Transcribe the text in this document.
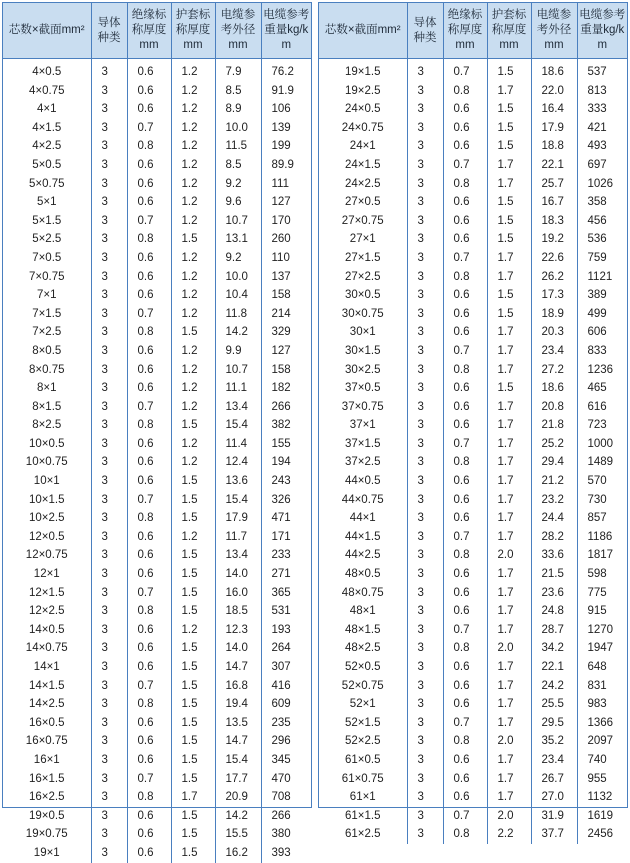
芯数×截面mm²	导体种类	绝缘标称厚度mm	护套标称厚度mm	电缆参考外径mm	电缆参考重量kg/km
4×0.5	3	0.6	1.2	7.9	76.2
4×0.75	3	0.6	1.2	8.5	91.9
4×1	3	0.6	1.2	8.9	106
4×1.5	3	0.7	1.2	10.0	139
4×2.5	3	0.8	1.2	11.5	199
5×0.5	3	0.6	1.2	8.5	89.9
5×0.75	3	0.6	1.2	9.2	111
5×1	3	0.6	1.2	9.6	127
5×1.5	3	0.7	1.2	10.7	170
5×2.5	3	0.8	1.5	13.1	260
7×0.5	3	0.6	1.2	9.2	110
7×0.75	3	0.6	1.2	10.0	137
7×1	3	0.6	1.2	10.4	158
7×1.5	3	0.7	1.2	11.8	214
7×2.5	3	0.8	1.5	14.2	329
8×0.5	3	0.6	1.2	9.9	127
8×0.75	3	0.6	1.2	10.7	158
8×1	3	0.6	1.2	11.1	182
8×1.5	3	0.7	1.2	13.4	266
8×2.5	3	0.8	1.5	15.4	382
10×0.5	3	0.6	1.2	11.4	155
10×0.75	3	0.6	1.2	12.4	194
10×1	3	0.6	1.5	13.6	243
10×1.5	3	0.7	1.5	15.4	326
10×2.5	3	0.8	1.5	17.9	471
12×0.5	3	0.6	1.2	11.7	171
12×0.75	3	0.6	1.5	13.4	233
12×1	3	0.6	1.5	14.0	271
12×1.5	3	0.7	1.5	16.0	365
12×2.5	3	0.8	1.5	18.5	531
14×0.5	3	0.6	1.2	12.3	193
14×0.75	3	0.6	1.5	14.0	264
14×1	3	0.6	1.5	14.7	307
14×1.5	3	0.7	1.5	16.8	416
14×2.5	3	0.8	1.5	19.4	609
16×0.5	3	0.6	1.5	13.5	235
16×0.75	3	0.6	1.5	14.7	296
16×1	3	0.6	1.5	15.4	345
16×1.5	3	0.7	1.5	17.7	470
16×2.5	3	0.8	1.7	20.9	708
19×0.5	3	0.6	1.5	14.2	266
19×0.75	3	0.6	1.5	15.5	380
19×1	3	0.6	1.5	16.2	393
芯数×截面mm²	导体种类	绝缘标称厚度mm	护套标称厚度mm	电缆参考外径mm	电缆参考重量kg/km
19×1.5	3	0.7	1.5	18.6	537
19×2.5	3	0.8	1.7	22.0	813
24×0.5	3	0.6	1.5	16.4	333
24×0.75	3	0.6	1.5	17.9	421
24×1	3	0.6	1.5	18.8	493
24×1.5	3	0.7	1.7	22.1	697
24×2.5	3	0.8	1.7	25.7	1026
27×0.5	3	0.6	1.5	16.7	358
27×0.75	3	0.6	1.5	18.3	456
27×1	3	0.6	1.5	19.2	536
27×1.5	3	0.7	1.7	22.6	759
27×2.5	3	0.8	1.7	26.2	1121
30×0.5	3	0.6	1.5	17.3	389
30×0.75	3	0.6	1.5	18.9	499
30×1	3	0.6	1.7	20.3	606
30×1.5	3	0.7	1.7	23.4	833
30×2.5	3	0.8	1.7	27.2	1236
37×0.5	3	0.6	1.5	18.6	465
37×0.75	3	0.6	1.7	20.8	616
37×1	3	0.6	1.7	21.8	723
37×1.5	3	0.7	1.7	25.2	1000
37×2.5	3	0.8	1.7	29.4	1489
44×0.5	3	0.6	1.7	21.2	570
44×0.75	3	0.6	1.7	23.2	730
44×1	3	0.6	1.7	24.4	857
44×1.5	3	0.7	1.7	28.2	1186
44×2.5	3	0.8	2.0	33.6	1817
48×0.5	3	0.6	1.7	21.5	598
48×0.75	3	0.6	1.7	23.6	775
48×1	3	0.6	1.7	24.8	915
48×1.5	3	0.7	1.7	28.7	1270
48×2.5	3	0.8	2.0	34.2	1947
52×0.5	3	0.6	1.7	22.1	648
52×0.75	3	0.6	1.7	24.2	831
52×1	3	0.6	1.7	25.5	983
52×1.5	3	0.7	1.7	29.5	1366
52×2.5	3	0.8	2.0	35.2	2097
61×0.5	3	0.6	1.7	23.4	740
61×0.75	3	0.6	1.7	26.7	955
61×1	3	0.6	1.7	27.0	1132
61×1.5	3	0.7	2.0	31.9	1619
61×2.5	3	0.8	2.2	37.7	2456
